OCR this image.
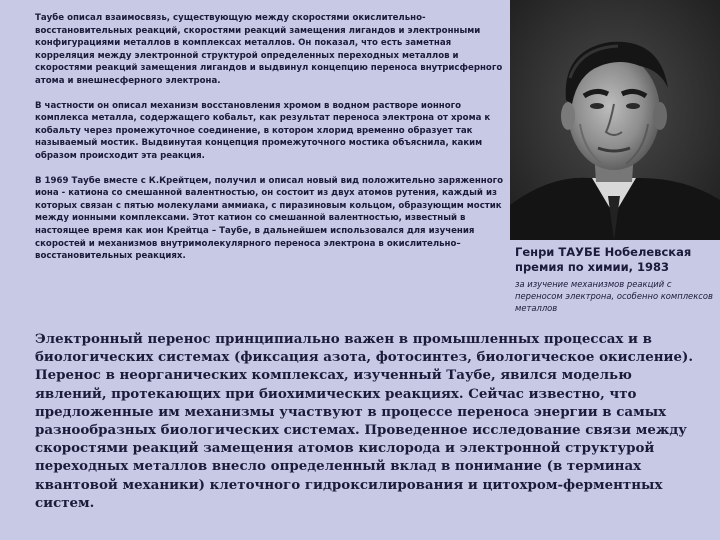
Таубе описал взаимосвязь, существующую между скоростями окислительно-восстановительных реакций, скоростями реакций замещения лигандов и электронными конфигурациями металлов в комплексах металлов. Он показал, что есть заметная корреляция между электронной структурой определенных переходных металлов и скоростями реакций замещения лигандов и выдвинул концепцию переноса внутрисферного атома и внешнесферного электрона.

В частности он описал механизм восстановления хромом в водном растворе ионного комплекса металла, содержащего кобальт, как результат переноса электрона от хрома к кобальту через промежуточное соединение, в котором хлорид временно образует так называемый мостик. Выдвинутая концепция промежуточного мостика объяснила, каким образом происходит эта реакция.

В 1969 Таубе вместе с К.Крейтцем, получил и описал новый вид положительно заряженного иона - катиона со смешанной валентностью, он состоит из двух атомов рутения, каждый из которых связан с пятью молекулами аммиака, с пиразиновым кольцом, образующим мостик между ионными комплексами. Этот катион со смешанной валентностью, известный в настоящее время как ион Крейтца – Таубе, в дальнейшем использовался для изучения скоростей и механизмов внутримолекулярного переноса электрона в окислительно–восстановительных реакциях.	Генри ТАУБЕ Нобелевская премия по химии, 1983
за изучение механизмов реакций с переносом электрона, особенно комплексов металлов

Электронный перенос принципиально важен в промышленных процессах и в биологических системах (фиксация азота, фотосинтез, биологическое окисление). Перенос в неорганических комплексах, изученный Таубе, явился моделью явлений, протекающих при биохимических реакциях. Сейчас известно, что предложенные им механизмы участвуют в процессе переноса энергии в самых разнообразных биологических системах. Проведенное исследование связи между скоростями реакций замещения атомов кислорода и электронной структурой переходных металлов внесло определенный вклад в понимание (в терминах квантовой механики) клеточного гидроксилирования и цитохром-ферментных систем.
